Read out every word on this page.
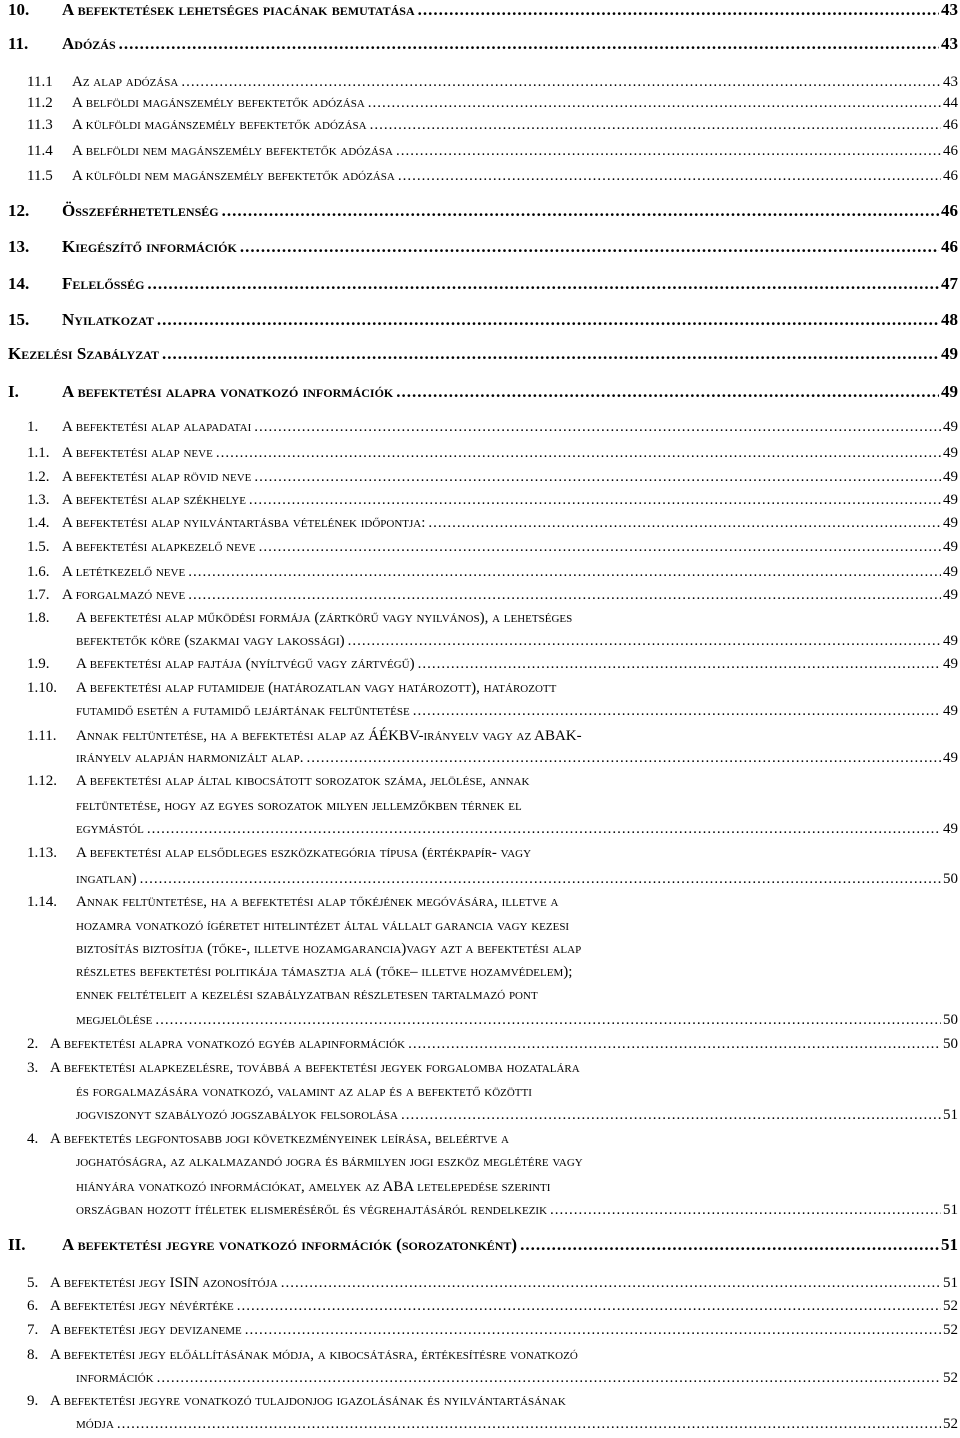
10. A befektetések lehetséges piacának bemutatása .....	43
11. Adózás .....	43
11.1 Az alap adózása .....	43
11.2 A belföldi magánszemély befektetők adózása .....	44
11.3 A külföldi magánszemély befektetők adózása .....	46
11.4 A belföldi nem magánszemély befektetők adózása .....	46
11.5 A külföldi nem magánszemély befektetők adózása .....	46
12. Összeférhetetlenség .....	46
13. Kiegészítő információk .....	46
14. Felelősség .....	47
15. Nyilatkozat .....	48
Kezelési Szabályzat .....	49
I.	A befektetési alapra vonatkozó információk .....	49
1. A befektetési alap alapadatai .....	49
1.1. A befektetési alap neve .....	49
1.2. A befektetési alap rövid neve .....	49
1.3. A befektetési alap székhelye .....	49
1.4. A befektetési alap nyilvántartásba vételének időpontja: .....	49
1.5. A befektetési alapkezelő neve .....	49
1.6. A letétkezelő neve .....	49
1.7. A forgalmazó neve .....	49
1.8. A befektetési alap működési formája (zártkörű vagy nyilvános), a lehetséges
befektetők köre (szakmai vagy lakossági) .....	49
1.9. A befektetési alap fajtája (nyíltvégű vagy zártvégű) .....	49
1.10. A befektetési alap futamideje (határozatlan vagy határozott), határozott
futamidő esetén a futamidő lejártának feltüntetése .....	49
1.11. Annak feltüntetése, ha a befektetési alap az ÁÉKBV-irányelv vagy az ABAK-
irányelv alapján harmonizált alap. .....	49
1.12. A befektetési alap által kibocsátott sorozatok száma, jelölése, annak
feltüntetése, hogy az egyes sorozatok milyen jellemzőkben térnek el
egymástól .....	49
1.13. A befektetési alap elsődleges eszközkategória típusa (értékpapír- vagy
ingatlan) .....	50
1.14. Annak feltüntetése, ha a befektetési alap tőkéjének megóvására, illetve a
hozamra vonatkozó ígéretet hitelintézet által vállalt garancia vagy kezesi
biztosítás biztosítja (tőke-, illetve hozamgarancia)vagy azt a befektetési alap
részletes befektetési politikája támasztja alá (tőke– illetve hozamvédelem);
ennek feltételeit a kezelési szabályzatban részletesen tartalmazó pont
megjelölése .....	50
2. A befektetési alapra vonatkozó egyéb alapinformációk .....	50
3. A befektetési alapkezelésre, továbbá a befektetési jegyek forgalomba hozatalára
és forgalmazására vonatkozó, valamint az alap és a befektető közötti
jogviszonyt szabályozó jogszabályok felsorolása .....	51
4. A befektetés legfontosabb jogi következményeinek leírása, beleértve a
joghatóságra, az alkalmazandó jogra és bármilyen jogi eszköz meglétére vagy
hiányára vonatkozó információkat, amelyek az ABA letelepedése szerinti
országban hozott ítéletek elismeréséről és végrehajtásáról rendelkezik .....	51
II. A befektetési jegyre vonatkozó információk (sorozatonként) .....	51
5. A befektetési jegy ISIN azonosítója .....	51
6. A befektetési jegy névértéke .....	52
7. A befektetési jegy devizaneme .....	52
8. A befektetési jegy előállításának módja, a kibocsátásra, értékesítésre vonatkozó
információk .....	52
9. A befektetési jegyre vonatkozó tulajdonjog igazolásának és nyilvántartásának
módja .....	52
